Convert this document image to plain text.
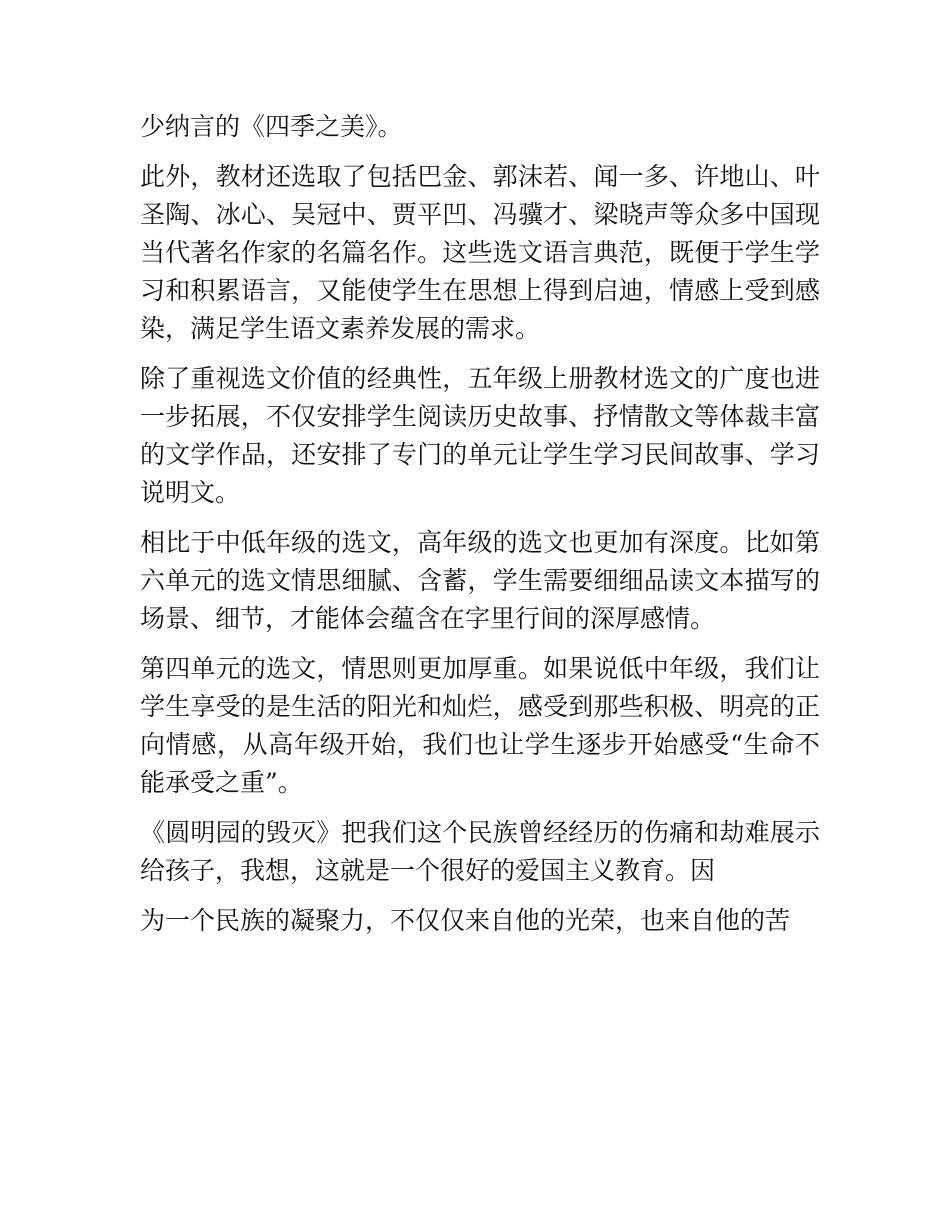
少纳言的《四季之美》。

此外，教材还选取了包括巴金、郭沫若、闻一多、许地山、叶圣陶、冰心、吴冠中、贾平凹、冯骥才、梁晓声等众多中国现当代著名作家的名篇名作。这些选文语言典范，既便于学生学习和积累语言，又能使学生在思想上得到启迪，情感上受到感染，满足学生语文素养发展的需求。

除了重视选文价值的经典性，五年级上册教材选文的广度也进一步拓展，不仅安排学生阅读历史故事、抒情散文等体裁丰富的文学作品，还安排了专门的单元让学生学习民间故事、学习说明文。

相比于中低年级的选文，高年级的选文也更加有深度。比如第六单元的选文情思细腻、含蓄，学生需要细细品读文本描写的场景、细节，才能体会蕴含在字里行间的深厚感情。

第四单元的选文，情思则更加厚重。如果说低中年级，我们让学生享受的是生活的阳光和灿烂，感受到那些积极、明亮的正向情感，从高年级开始，我们也让学生逐步开始感受“生命不能承受之重”。

《圆明园的毁灭》把我们这个民族曾经经历的伤痛和劫难展示给孩子，我想，这就是一个很好的爱国主义教育。因

为一个民族的凝聚力，不仅仅来自他的光荣，也来自他的苦
